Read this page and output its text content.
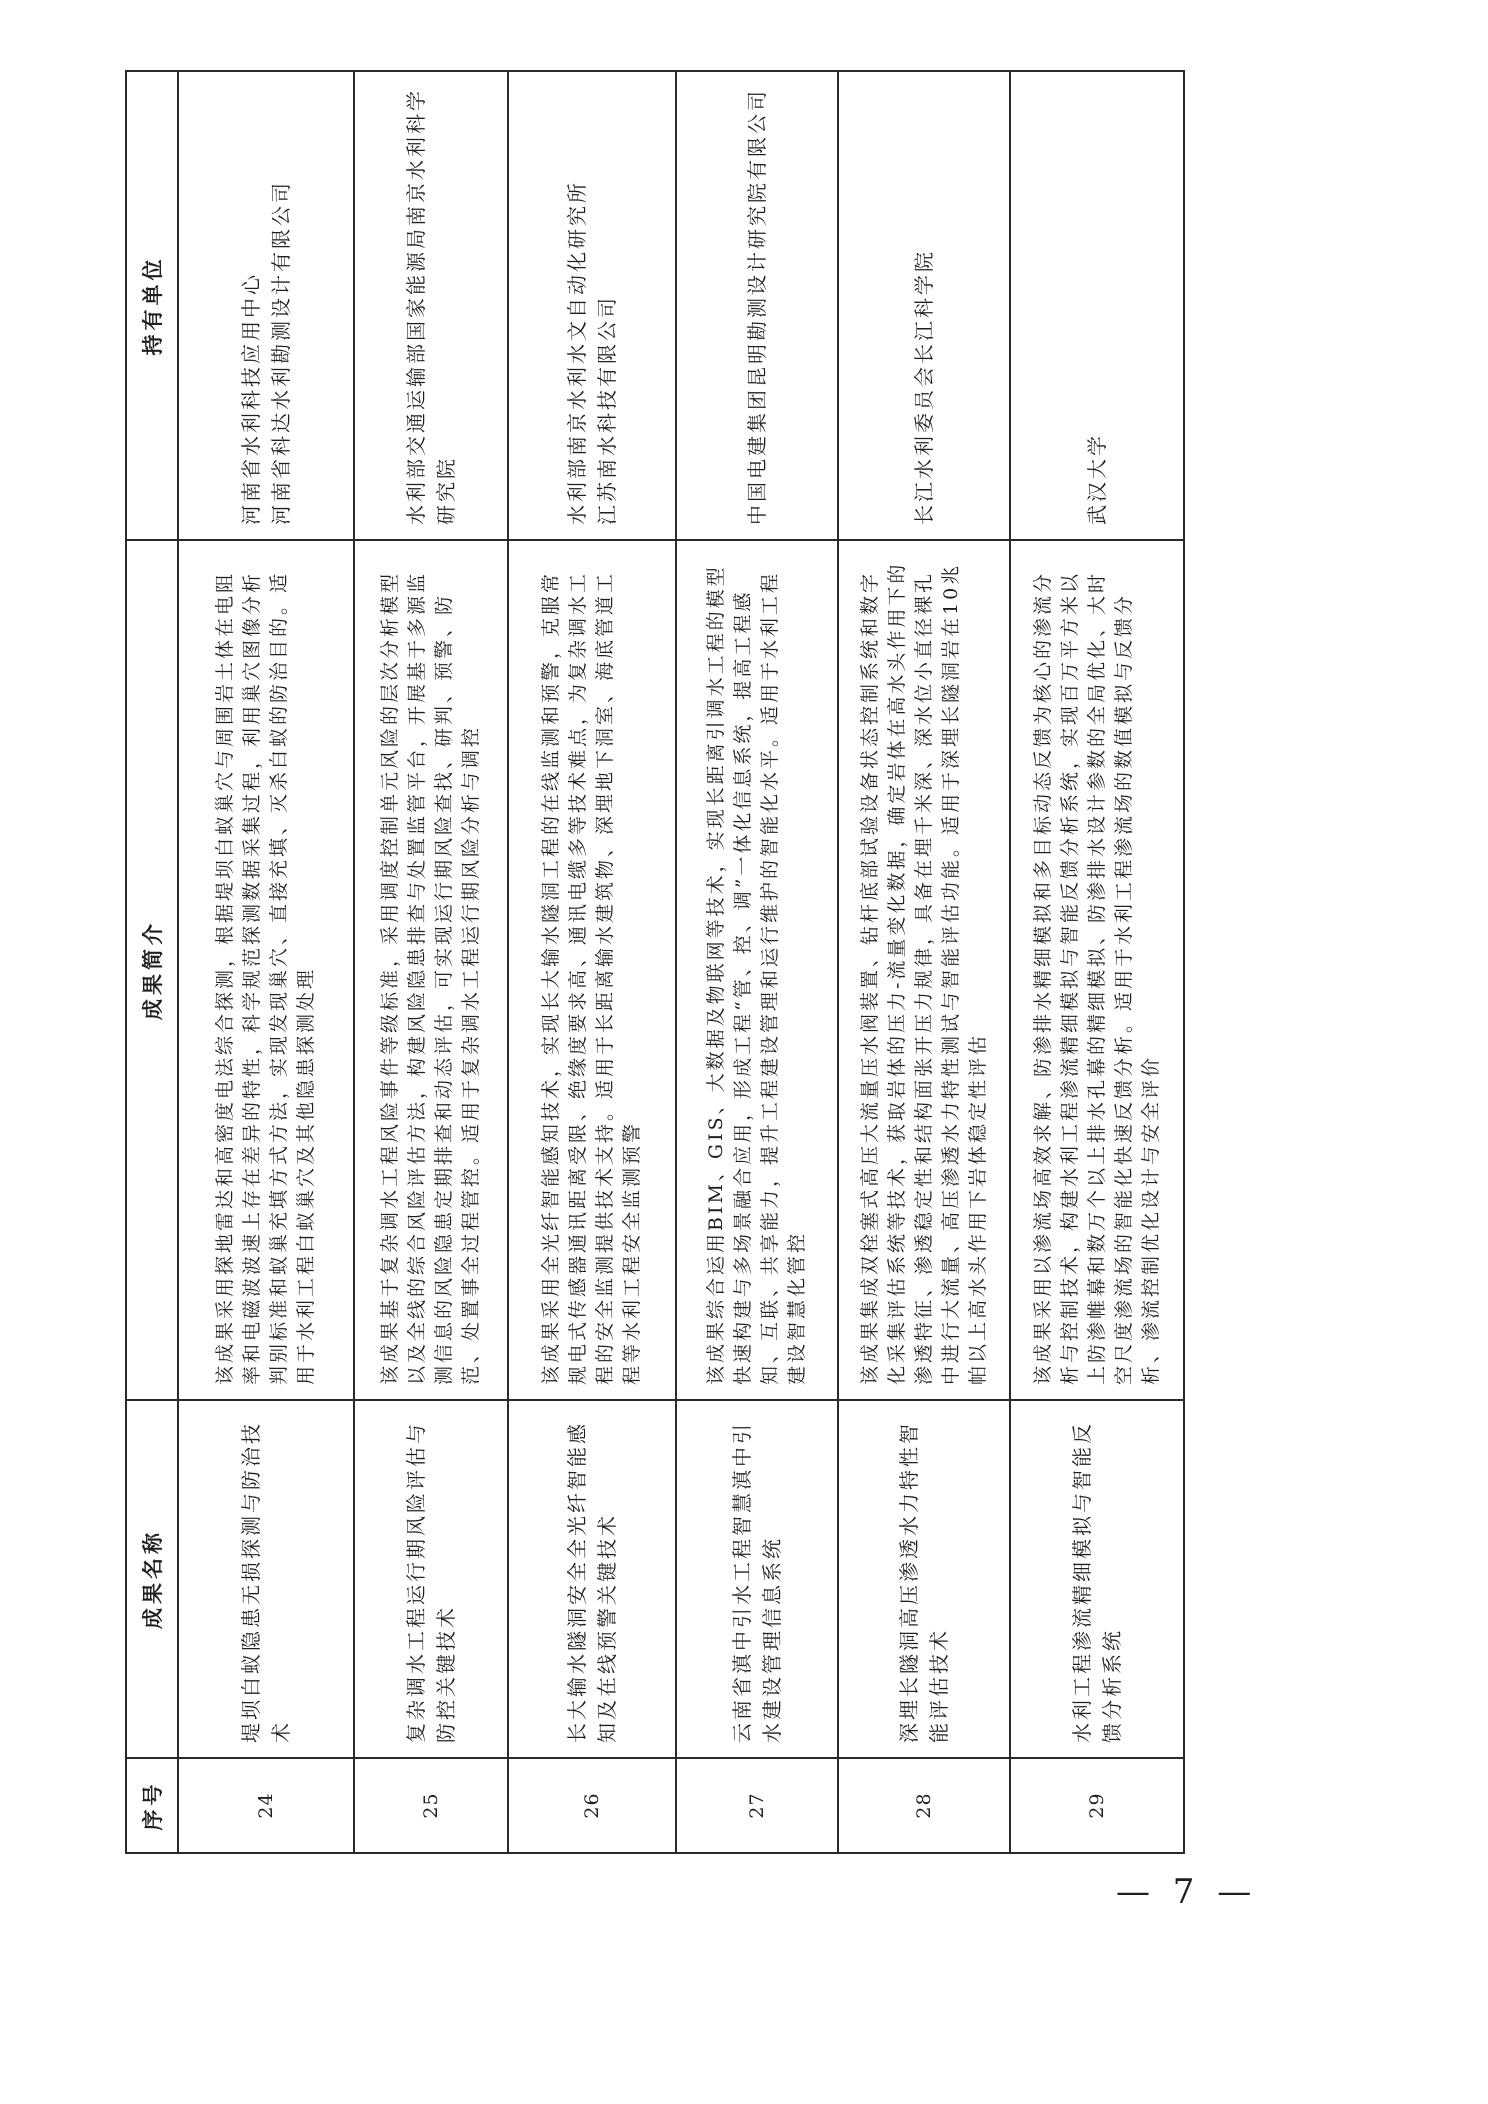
序号	成果名称	成果简介	持有单位
24	堤坝白蚁隐患无损探测与防治技术	该成果采用探地雷达和高密度电法综合探测，根据堤坝白蚁巢穴与周围岩土体在电阻率和电磁波波速上存在差异的特性，科学规范探测数据采集过程，利用巢穴图像分析判别标准和蚁巢充填方式方法，实现发现巢穴、直接充填、灭杀白蚁的防治目的。适用于水利工程白蚁巢穴及其他隐患探测处理	河南省水利科技应用中心
河南省科达水利勘测设计有限公司
25	复杂调水工程运行期风险评估与防控关键技术	该成果基于复杂调水工程风险事件等级标准，采用调度控制单元风险的层次分析模型以及全线的综合风险评估方法，构建风险隐患排查与处置监管平台，开展基于多源监测信息的风险隐患定期排查和动态评估，可实现运行期风险查找、研判、预警、防范、处置事全过程管控。适用于复杂调水工程运行期风险分析与调控	水利部交通运输部国家能源局南京水利科学研究院
26	长大输水隧洞安全全光纤智能感知及在线预警关键技术	该成果采用全光纤智能感知技术，实现长大输水隧洞工程的在线监测和预警，克服常规电式传感器通讯距离受限、绝缘度要求高、通讯电缆多等技术难点，为复杂调水工程的安全监测提供技术支持。适用于长距离输水建筑物、深埋地下洞室、海底管道工程等水利工程安全监测预警	水利部南京水利水文自动化研究所
江苏南水科技有限公司
27	云南省滇中引水工程智慧滇中引水建设管理信息系统	该成果综合运用BIM、GIS、大数据及物联网等技术，实现长距离引调水工程的模型快速构建与多场景融合应用，形成工程“管、控、调”一体化信息系统，提高工程感知、互联、共享能力，提升工程建设管理和运行维护的智能化水平。适用于水利工程建设智慧化管控	中国电建集团昆明勘测设计研究院有限公司
28	深埋长隧洞高压渗透水力特性智能评估技术	该成果集成双栓塞式高压大流量压水阀装置、钻杆底部试验设备状态控制系统和数字化采集评估系统等技术，获取岩体的压力-流量变化数据，确定岩体在高水头作用下的渗透特征、渗透稳定性和结构面张开压力规律，具备在埋千米深、深水位小直径裸孔中进行大流量、高压渗透水力特性测试与智能评估功能。适用于深埋长隧洞岩在10兆帕以上高水头作用下岩体稳定性评估	长江水利委员会长江科学院
29	水利工程渗流精细模拟与智能反馈分析系统	该成果采用以渗流场高效求解、防渗排水精细模拟和多目标动态反馈为核心的渗流分析与控制技术，构建水利工程渗流精细模拟与智能反馈分析系统，实现百万平方米以上防渗帷幕和数万个以上排水孔幕的精细模拟、防渗排水设计参数的全局优化、大时空尺度渗流场的智能化快速反馈分析。适用于水利工程渗流场的数值模拟与反馈分析、渗流控制优化设计与安全评价	武汉大学
— 7 —
